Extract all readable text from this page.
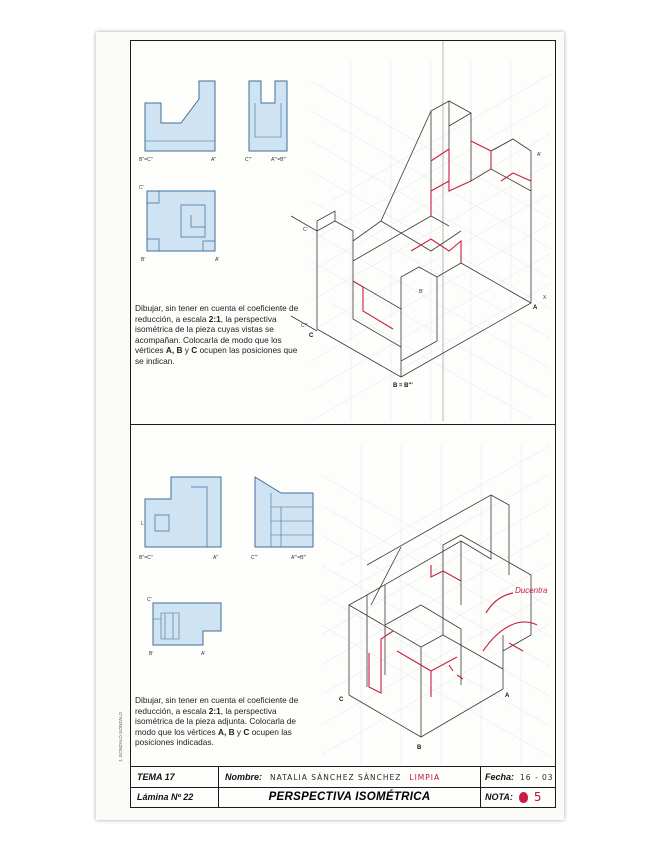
J. GONZALO GONZALO
B''=C''	A''	C'''	A'''=B'''
C'
B'	A'
C
C'''
C'
A
X
A'
B'
B = B'''
Dibujar, sin tener en cuenta el coeficiente de reducción, a escala 2:1, la perspectiva isométrica de la pieza cuyas vistas se acompañan. Colocarla de modo que los vértices A, B y C ocupen las posiciones que se indican.
L
B''=C''	A''	C'''	A'''=B'''
C'
B'	A'
Ducentra
C
A
B
Dibujar, sin tener en cuenta el coeficiente de reducción, a escala 2:1, la perspectiva isométrica de la pieza adjunta. Colocarla de modo que los vértices A, B y C ocupen las posiciones indicadas.
TEMA 17	Nombre: NATALIA SÁNCHEZ SÁNCHEZ LIMPIA	Fecha: 16 - 03
Lámina Nº 22	PERSPECTIVA ISOMÉTRICA	NOTA: 5
